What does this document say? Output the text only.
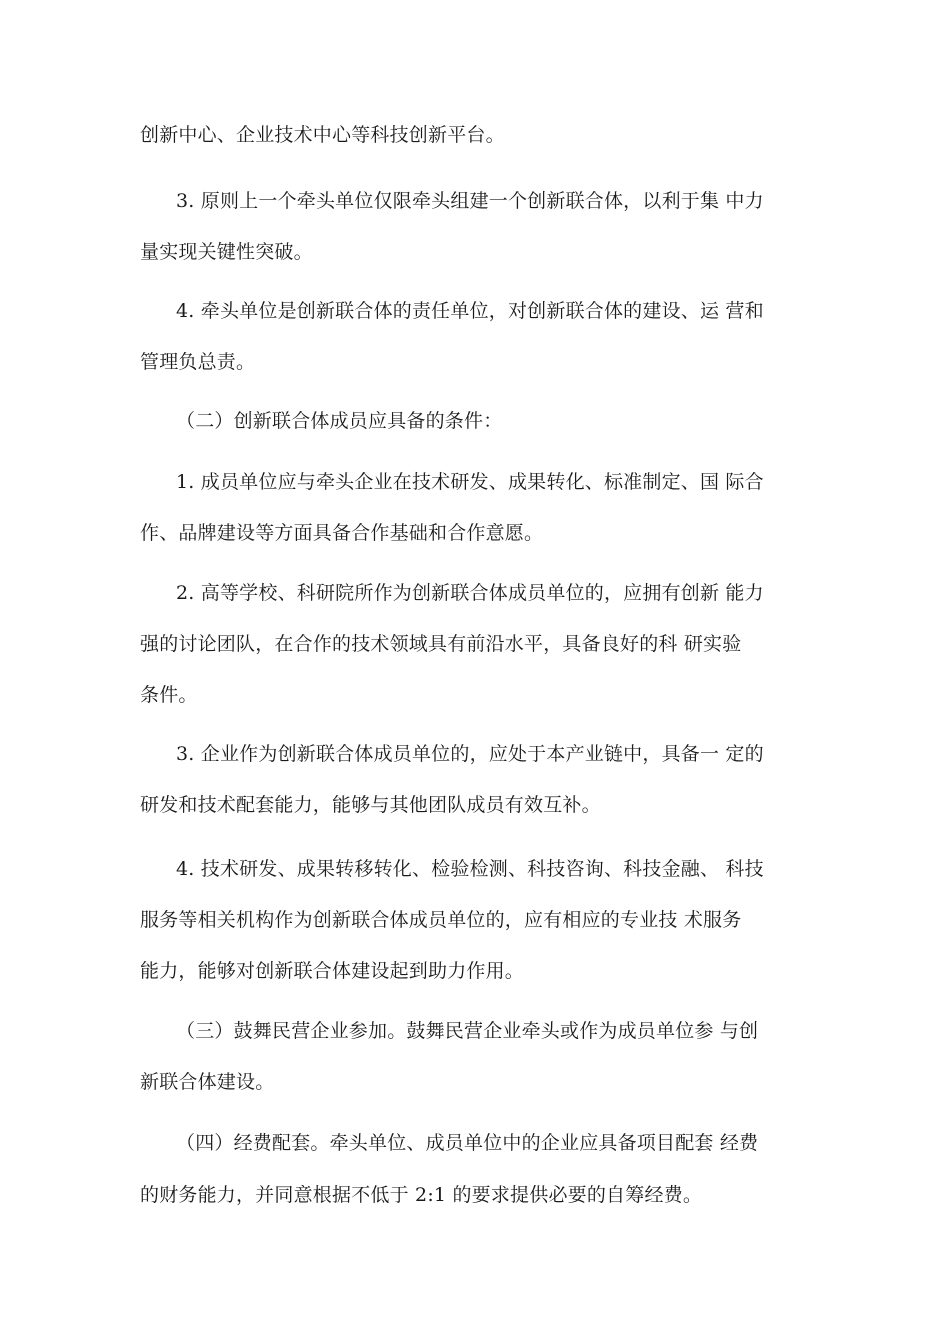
创新中心、企业技术中心等科技创新平台。
3. 原则上一个牵头单位仅限牵头组建一个创新联合体，以利于集 中力
量实现关键性突破。
4. 牵头单位是创新联合体的责任单位，对创新联合体的建设、运 营和
管理负总责。
（二）创新联合体成员应具备的条件：
1. 成员单位应与牵头企业在技术研发、成果转化、标准制定、国 际合
作、品牌建设等方面具备合作基础和合作意愿。
2. 高等学校、科研院所作为创新联合体成员单位的，应拥有创新 能力
强的讨论团队，在合作的技术领域具有前沿水平，具备良好的科 研实验
条件。
3. 企业作为创新联合体成员单位的，应处于本产业链中，具备一 定的
研发和技术配套能力，能够与其他团队成员有效互补。
4. 技术研发、成果转移转化、检验检测、科技咨询、科技金融、 科技
服务等相关机构作为创新联合体成员单位的，应有相应的专业技 术服务
能力，能够对创新联合体建设起到助力作用。
（三）鼓舞民营企业参加。鼓舞民营企业牵头或作为成员单位参 与创
新联合体建设。
（四）经费配套。牵头单位、成员单位中的企业应具备项目配套 经费
的财务能力，并同意根据不低于 2:1 的要求提供必要的自筹经费。
